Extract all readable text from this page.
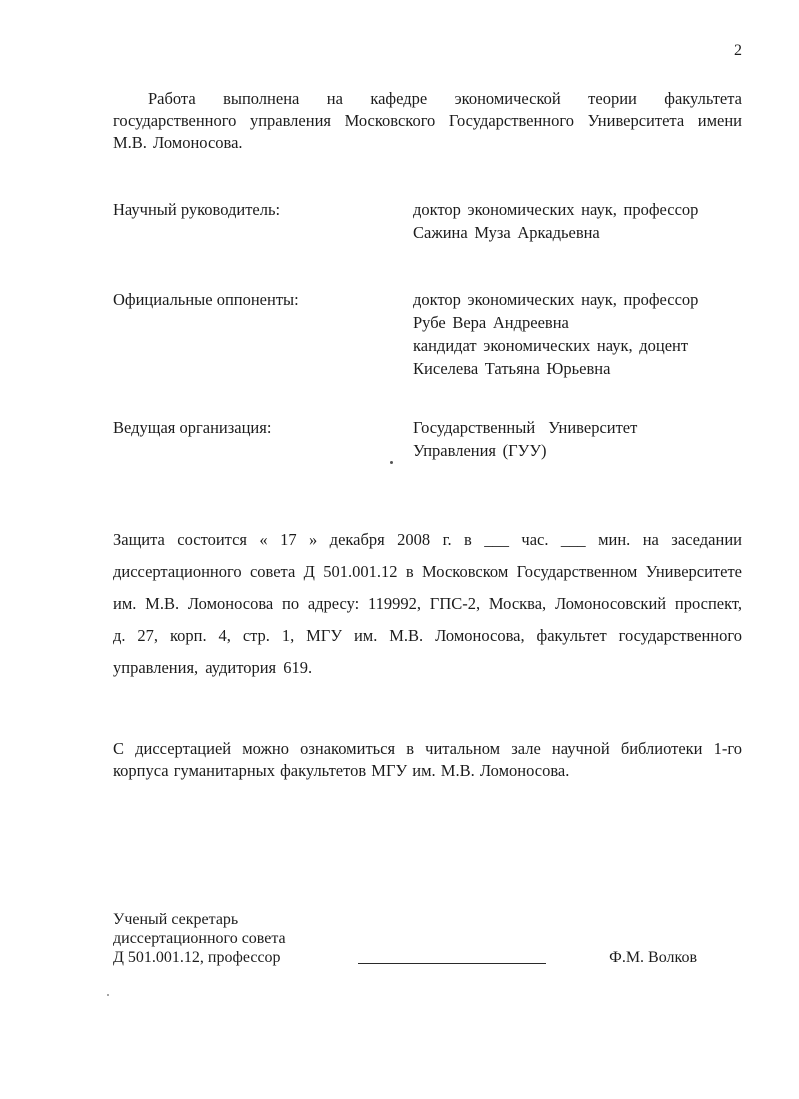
2

Работа выполнена на кафедре экономической теории факультета государственного управления Московского Государственного Университета имени М.В. Ломоносова.

Научный руководитель:	доктор экономических наук, профессор
Сажина Муза Аркадьевна
Официальные оппоненты:	доктор экономических наук, профессор
Рубе Вера Андреевна
кандидат экономических наук, доцент
Киселева Татьяна Юрьевна
Ведущая организация:	Государственный Университет
Управления (ГУУ)

Защита состоится « 17 » декабря 2008 г. в ___ час. ___ мин. на заседании диссертационного совета Д 501.001.12 в Московском Государственном Университете им. М.В. Ломоносова по адресу: 119992, ГПС-2, Москва, Ломоносовский проспект, д. 27, корп. 4, стр. 1, МГУ им. М.В. Ломоносова, факультет государственного управления, аудитория 619.

С диссертацией можно ознакомиться в читальном зале научной библиотеки 1-го корпуса гуманитарных факультетов МГУ им. М.В. Ломоносова.

Ученый секретарь
диссертационного совета
Д 501.001.12, профессор	Ф.М. Волков
